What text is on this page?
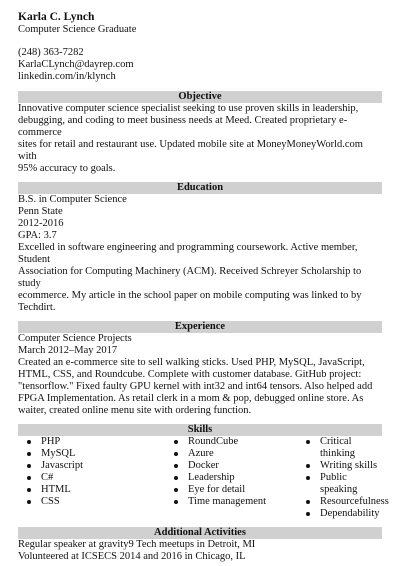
Karla C. Lynch
Computer Science Graduate
(248) 363-7282
KarlaCLynch@dayrep.com
linkedin.com/in/klynch
Objective
Innovative computer science specialist seeking to use proven skills in leadership,
debugging, and coding to meet business needs at Meed. Created proprietary e-commerce
sites for retail and restaurant use. Updated mobile site at MoneyMoneyWorld.com with
95% accuracy to goals.
Education
B.S. in Computer Science
Penn State
2012-2016
GPA: 3.7
Excelled in software engineering and programming coursework. Active member, Student
Association for Computing Machinery (ACM). Received Schreyer Scholarship to study
ecommerce. My article in the school paper on mobile computing was linked to by
Techdirt.
Experience
Computer Science Projects
March 2012–May 2017
Created an e-commerce site to sell walking sticks. Used PHP, MySQL, JavaScript,
HTML, CSS, and Roundcube. Complete with customer database. GitHub project:
"tensorflow." Fixed faulty GPU kernel with int32 and int64 tensors. Also helped add
FPGA Implementation. As retail clerk in a mom & pop, debugged online store. As
waiter, created online menu site with ordering function.
Skills
PHP
MySQL
Javascript
C#
HTML
CSS
RoundCube
Azure
Docker
Leadership
Eye for detail
Time management
Critical thinking
Writing skills
Public speaking
Resourcefulness
Dependability
Additional Activities
Regular speaker at gravity9 Tech meetups in Detroit, MI
Volunteered at ICSECS 2014 and 2016 in Chicago, IL
